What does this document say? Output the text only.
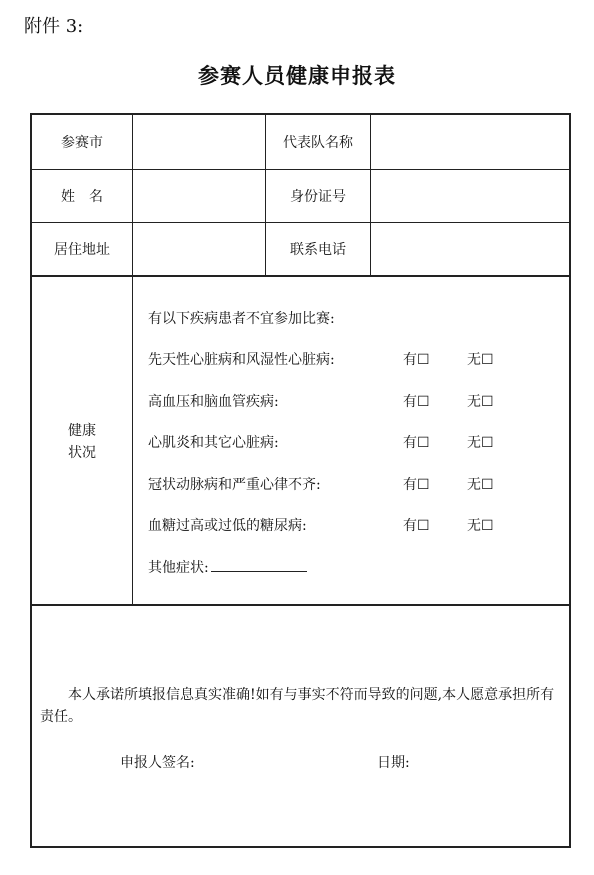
附件 3:
参赛人员健康申报表
参赛市	代表队名称
姓　名	身份证号
居住地址	联系电话
健康
状况
有以下疾病患者不宜参加比赛:
先天性心脏病和风湿性心脏病:	有☐	无☐
高血压和脑血管疾病:	有☐	无☐
心肌炎和其它心脏病:	有☐	无☐
冠状动脉病和严重心律不齐:	有☐	无☐
血糖过高或过低的糖尿病:	有☐	无☐
其他症状:
本人承诺所填报信息真实准确!如有与事实不符而导致的问题,本人愿意承担所有责任。
申报人签名:	日期:
